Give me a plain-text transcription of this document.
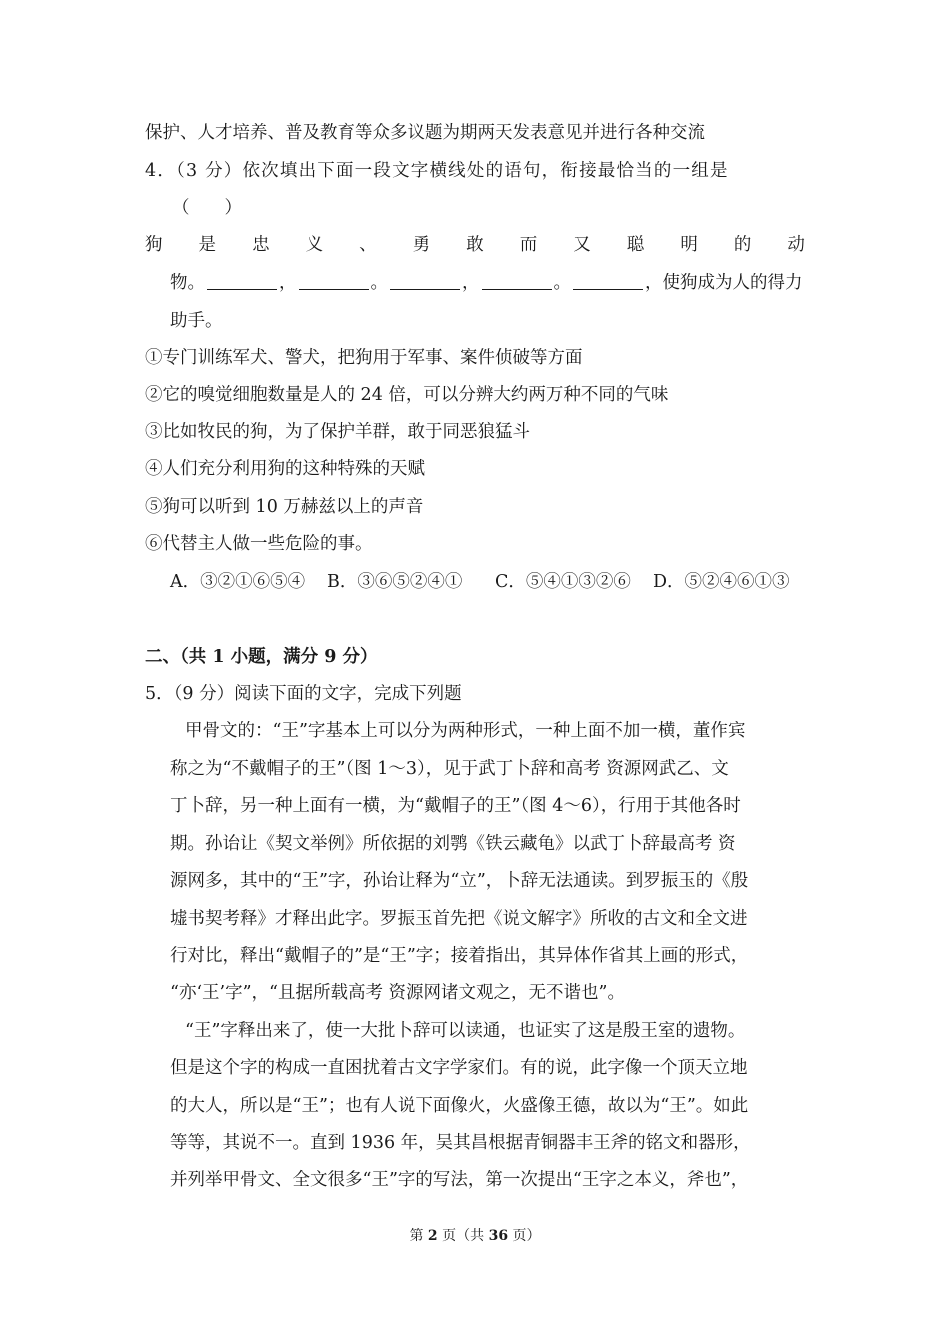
保护、人才培养、普及教育等众多议题为期两天发表意见并进行各种交流
4．（3 分）依次填出下面一段文字横线处的语句，衔接最恰当的一组是
（　　）
狗 是 忠 义 、 勇 敢 而 又 聪 明 的 动
物。	，	。	，	。	，使狗成为人的得力
助手。
①专门训练军犬、警犬，把狗用于军事、案件侦破等方面
②它的嗅觉细胞数量是人的 24 倍，可以分辨大约两万种不同的气味
③比如牧民的狗，为了保护羊群，敢于同恶狼猛斗
④人们充分利用狗的这种特殊的天赋
⑤狗可以听到 10 万赫兹以上的声音
⑥代替主人做一些危险的事。
A．③②①⑥⑤④ B．③⑥⑤②④① C．⑤④①③②⑥ D．⑤②④⑥①③
二、（共 1 小题，满分 9 分）
5．（9 分）阅读下面的文字，完成下列题
甲骨文的：“王”字基本上可以分为两种形式，一种上面不加一横，董作宾
称之为“不戴帽子的王”（图 1～3），见于武丁卜辞和高考 资源网武乙、文
丁卜辞，另一种上面有一横，为“戴帽子的王”（图 4～6），行用于其他各时
期。孙诒让《契文举例》所依据的刘鹗《铁云藏龟》以武丁卜辞最高考 资
源网多，其中的“王”字，孙诒让释为“立”，卜辞无法通读。到罗振玉的《殷
墟书契考释》才释出此字。罗振玉首先把《说文解字》所收的古文和全文进
行对比，释出“戴帽子的”是“王”字；接着指出，其异体作省其上画的形式，
“亦‘王’字”，“且据所载高考 资源网诸文观之，无不谐也”。
“王”字释出来了，使一大批卜辞可以读通，也证实了这是殷王室的遗物。
但是这个字的构成一直困扰着古文字学家们。有的说，此字像一个顶天立地
的大人，所以是“王”；也有人说下面像火，火盛像王德，故以为“王”。如此
等等，其说不一。直到 1936 年，吴其昌根据青铜器丰王斧的铭文和器形，
并列举甲骨文、全文很多“王”字的写法，第一次提出“王字之本义，斧也”，
第 2 页（共 36 页）
